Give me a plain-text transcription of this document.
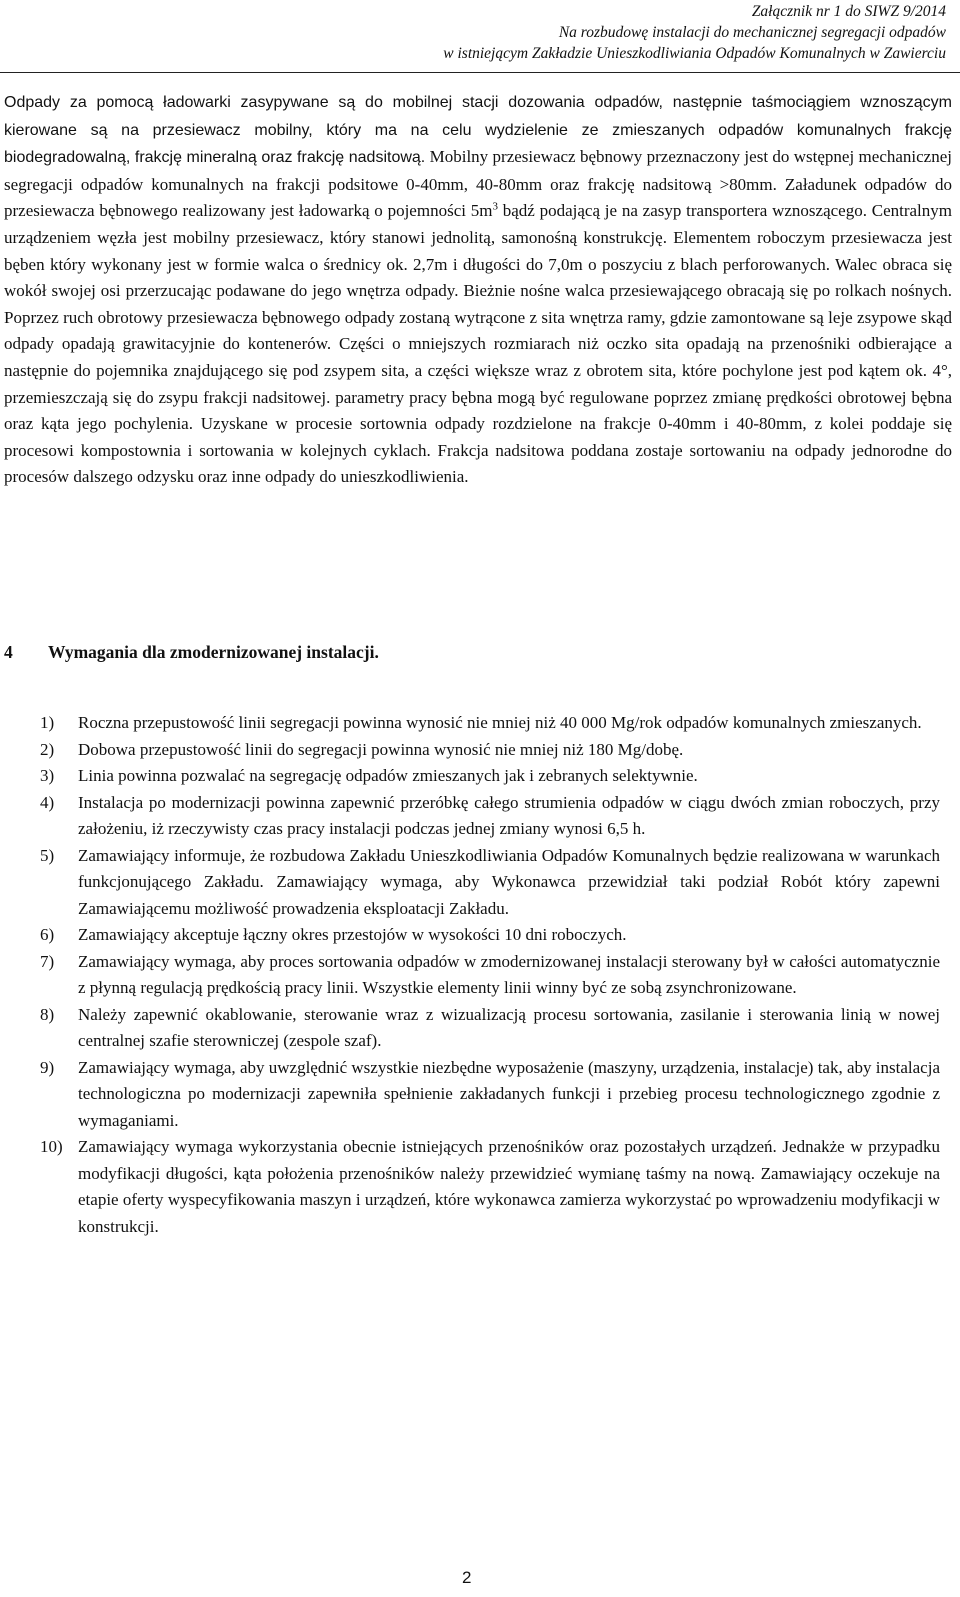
Załącznik nr 1 do SIWZ 9/2014
Na rozbudowę instalacji do mechanicznej segregacji odpadów
w istniejącym Zakładzie Unieszkodliwiania Odpadów Komunalnych w Zawierciu

Odpady za pomocą ładowarki zasypywane są do mobilnej stacji dozowania odpadów, następnie taśmociągiem wznoszącym kierowane są na przesiewacz mobilny, który ma na celu wydzielenie ze zmieszanych odpadów komunalnych frakcję biodegradowalną, frakcję mineralną oraz frakcję nadsitową. Mobilny przesiewacz bębnowy przeznaczony jest do wstępnej mechanicznej segregacji odpadów komunalnych na frakcji podsitowe 0-40mm, 40-80mm oraz frakcję nadsitową >80mm. Załadunek odpadów do przesiewacza bębnowego realizowany jest ładowarką o pojemności $5m^3$ bądź podającą je na zasyp transportera wznoszącego. Centralnym urządzeniem węzła jest mobilny przesiewacz, który stanowi jednolitą, samonośną konstrukcję. Elementem roboczym przesiewacza jest bęben który wykonany jest w formie walca o średnicy ok. 2,7m i długości do 7,0m o poszyciu z blach perforowanych. Walec obraca się wokół swojej osi przerzucając podawane do jego wnętrza odpady. Bieżnie nośne walca przesiewającego obracają się po rolkach nośnych. Poprzez ruch obrotowy przesiewacza bębnowego odpady zostaną wytrącone z sita wnętrza ramy, gdzie zamontowane są leje zsypowe skąd odpady opadają grawitacyjnie do kontenerów. Części o mniejszych rozmiarach niż oczko sita opadają na przenośniki odbierające a następnie do pojemnika znajdującego się pod zsypem sita, a części większe wraz z obrotem sita, które pochylone jest pod kątem ok. 4°, przemieszczają się do zsypu frakcji nadsitowej. parametry pracy bębna mogą być regulowane poprzez zmianę prędkości obrotowej bębna oraz kąta jego pochylenia. Uzyskane w procesie sortownia odpady rozdzielone na frakcje 0-40mm i 40-80mm, z kolei poddaje się procesowi kompostownia i sortowania w kolejnych cyklach. Frakcja nadsitowa poddana zostaje sortowaniu na odpady jednorodne do procesów dalszego odzysku oraz inne odpady do unieszkodliwienia.

4 Wymagania dla zmodernizowanej instalacji.
1)	Roczna przepustowość linii segregacji powinna wynosić nie mniej niż 40 000 Mg/rok odpadów komunalnych zmieszanych.
2)	Dobowa przepustowość linii do segregacji powinna wynosić nie mniej niż 180 Mg/dobę.
3)	Linia powinna pozwalać na segregację odpadów zmieszanych jak i zebranych selektywnie.
4)	Instalacja po modernizacji powinna zapewnić przeróbkę całego strumienia odpadów w ciągu dwóch zmian roboczych, przy założeniu, iż rzeczywisty czas pracy instalacji podczas jednej zmiany wynosi 6,5 h.
5)	Zamawiający informuje, że rozbudowa Zakładu Unieszkodliwiania Odpadów Komunalnych będzie realizowana w warunkach funkcjonującego Zakładu. Zamawiający wymaga, aby Wykonawca przewidział taki podział Robót który zapewni Zamawiającemu możliwość prowadzenia eksploatacji Zakładu.
6)	Zamawiający akceptuje łączny okres przestojów w wysokości 10 dni roboczych.
7)	Zamawiający wymaga, aby proces sortowania odpadów w zmodernizowanej instalacji sterowany był w całości automatycznie z płynną regulacją prędkością pracy linii. Wszystkie elementy linii winny być ze sobą zsynchronizowane.
8)	Należy zapewnić okablowanie, sterowanie wraz z wizualizacją procesu sortowania, zasilanie i sterowania linią w nowej centralnej szafie sterowniczej (zespole szaf).
9)	Zamawiający wymaga, aby uwzględnić wszystkie niezbędne wyposażenie (maszyny, urządzenia, instalacje) tak, aby instalacja technologiczna po modernizacji zapewniła spełnienie zakładanych funkcji i przebieg procesu technologicznego zgodnie z wymaganiami.
10) Zamawiający wymaga wykorzystania obecnie istniejących przenośników oraz pozostałych urządzeń. Jednakże w przypadku modyfikacji długości, kąta położenia przenośników należy przewidzieć wymianę taśmy na nową. Zamawiający oczekuje na etapie oferty wyspecyfikowania maszyn i urządzeń, które wykonawca zamierza wykorzystać po wprowadzeniu modyfikacji w konstrukcji.
2
